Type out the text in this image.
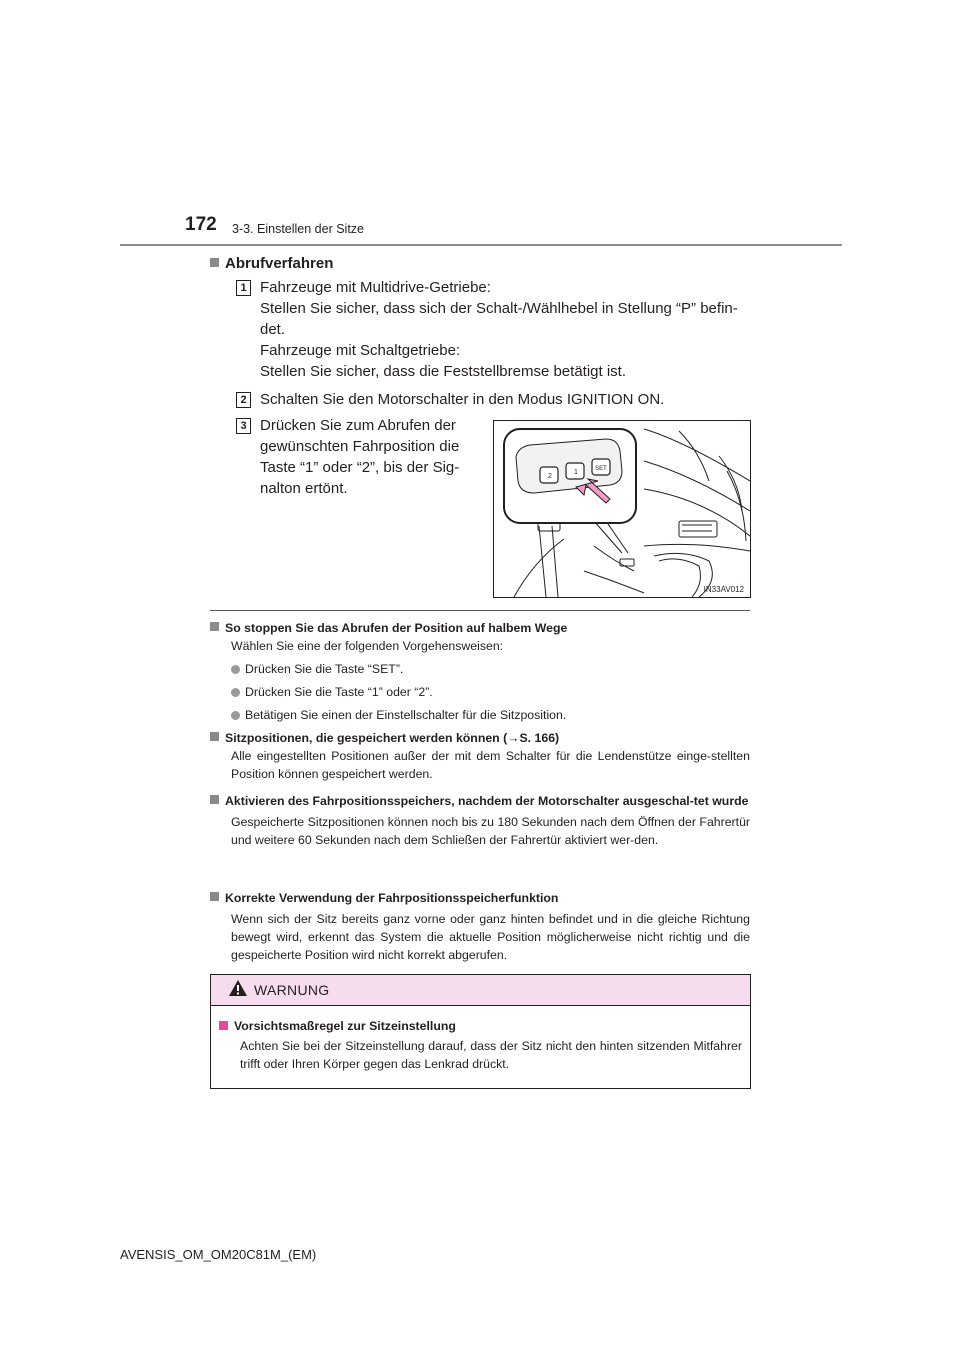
172 3-3. Einstellen der Sitze
Abrufverfahren
1 Fahrzeuge mit Multidrive-Getriebe:
Stellen Sie sicher, dass sich der Schalt-/Wählhebel in Stellung “P” befin-
det.
Fahrzeuge mit Schaltgetriebe:
Stellen Sie sicher, dass die Feststellbremse betätigt ist.
2 Schalten Sie den Motorschalter in den Modus IGNITION ON.
3 Drücken Sie zum Abrufen der
gewünschten Fahrposition die
Taste “1” oder “2”, bis der Sig-
nalton ertönt.
2
1	SET
IN33AV012
So stoppen Sie das Abrufen der Position auf halbem Wege
Wählen Sie eine der folgenden Vorgehensweisen:
Drücken Sie die Taste “SET”.
Drücken Sie die Taste “1” oder “2”.
Betätigen Sie einen der Einstellschalter für die Sitzposition.
Sitzpositionen, die gespeichert werden können (→S. 166)
Alle eingestellten Positionen außer der mit dem Schalter für die Lendenstütze einge-stellten Position können gespeichert werden.
Aktivieren des Fahrpositionsspeichers, nachdem der Motorschalter ausgeschal-tet wurde
Gespeicherte Sitzpositionen können noch bis zu 180 Sekunden nach dem Öffnen der Fahrertür und weitere 60 Sekunden nach dem Schließen der Fahrertür aktiviert wer-den.
Korrekte Verwendung der Fahrpositionsspeicherfunktion
Wenn sich der Sitz bereits ganz vorne oder ganz hinten befindet und in die gleiche Richtung bewegt wird, erkennt das System die aktuelle Position möglicherweise nicht richtig und die gespeicherte Position wird nicht korrekt abgerufen.
WARNUNG
Vorsichtsmaßregel zur Sitzeinstellung
Achten Sie bei der Sitzeinstellung darauf, dass der Sitz nicht den hinten sitzenden Mitfahrer trifft oder Ihren Körper gegen das Lenkrad drückt.
AVENSIS_OM_OM20C81M_(EM)
